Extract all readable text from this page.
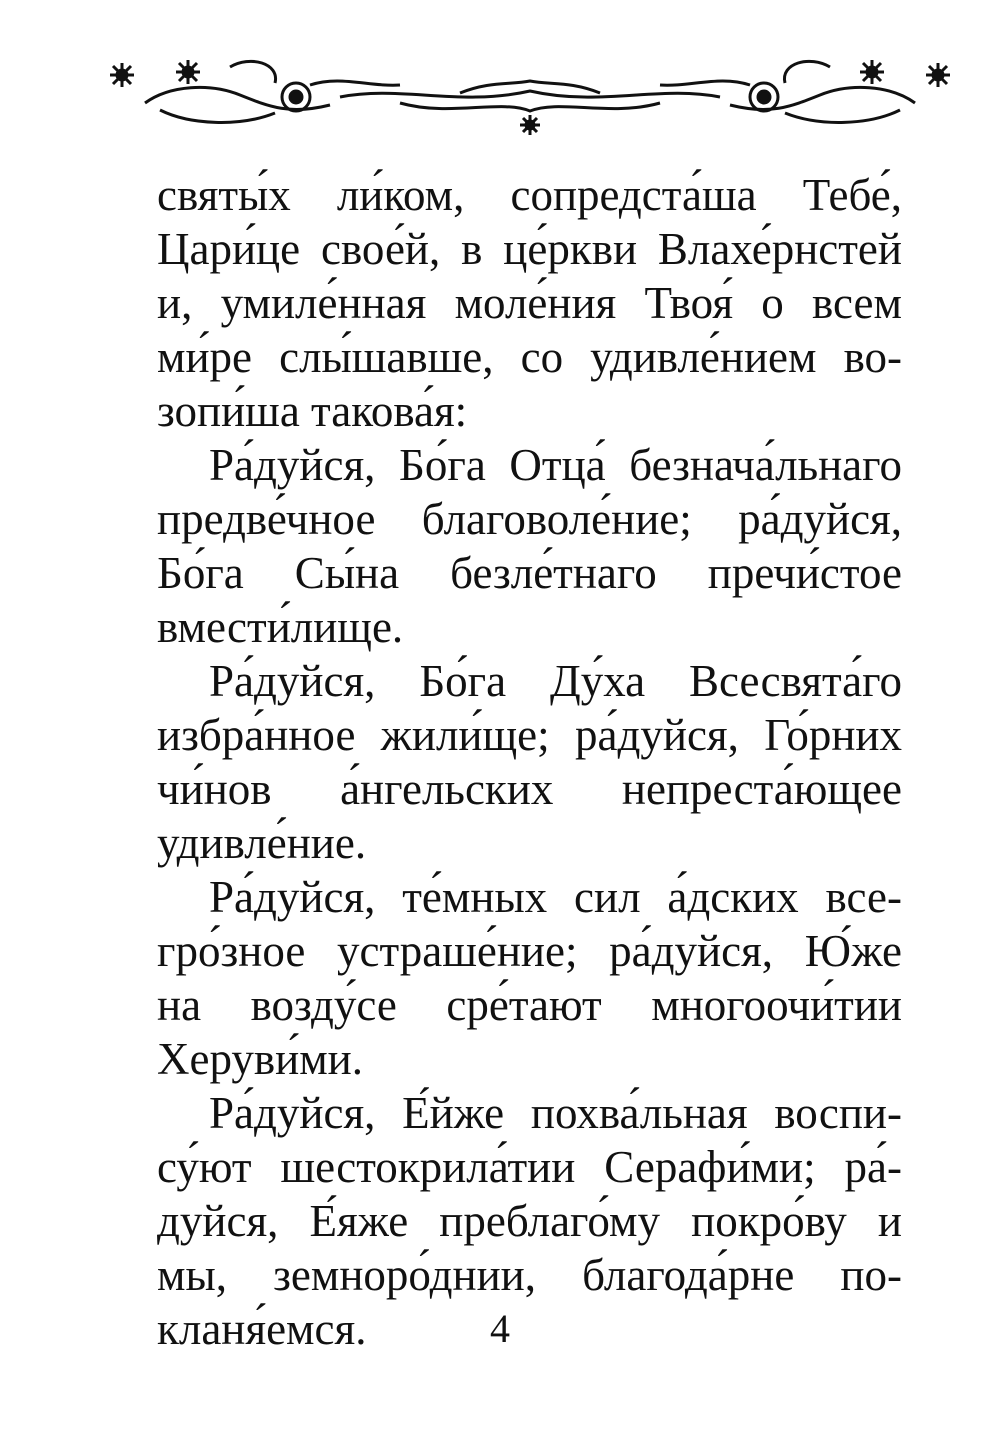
святы́х ли́ком, сопредста́ша Тебе́,
Цари́це свое́й, в це́ркви Влахе́рнстей
и, умиле́нная моле́ния Твоя́ о всем
ми́ре слы́шавше, со удивле́нием во-
зопи́ша такова́я:
Ра́дуйся, Бо́га Отца́ безнача́льнаго
предве́чное благоволе́ние; ра́дуйся,
Бо́га Сы́на безле́тнаго пречи́стое
вмести́лище.
Ра́дуйся, Бо́га Ду́ха Всесвята́го
избра́нное жили́ще; ра́дуйся, Го́рних
чи́нов а́нгельских непреста́ющее
удивле́ние.
Ра́дуйся, те́мных сил а́дских все-
гро́зное устраше́ние; ра́дуйся, Ю́же
на возду́се сре́тают многоочи́тии
Херуви́ми.
Ра́дуйся, Е́йже похва́льная воспи-
су́ют шестокрила́тии Серафи́ми; ра́-
дуйся, Е́яже преблаго́му покро́ву и
мы, земноро́днии, благода́рне по-
кланя́емся.	4
